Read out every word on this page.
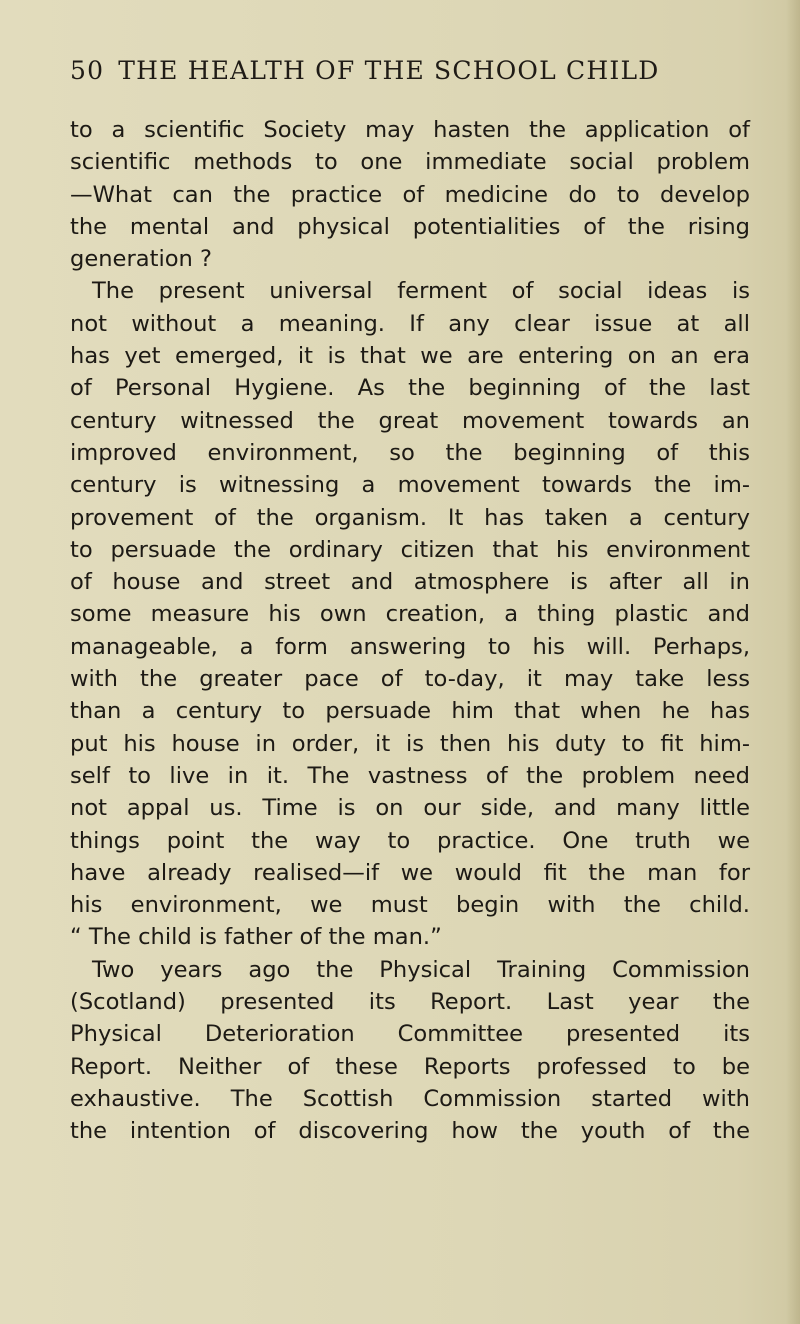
50 THE HEALTH OF THE SCHOOL CHILD
to a scientific Society may hasten the application of
scientific methods to one immediate social problem
—What can the practice of medicine do to develop
the mental and physical potentialities of the rising
generation ?
The present universal ferment of social ideas is
not without a meaning. If any clear issue at all
has yet emerged, it is that we are entering on an era
of Personal Hygiene. As the beginning of the last
century witnessed the great movement towards an
improved environment, so the beginning of this
century is witnessing a movement towards the im-
provement of the organism. It has taken a century
to persuade the ordinary citizen that his environment
of house and street and atmosphere is after all in
some measure his own creation, a thing plastic and
manageable, a form answering to his will. Perhaps,
with the greater pace of to-day, it may take less
than a century to persuade him that when he has
put his house in order, it is then his duty to fit him-
self to live in it. The vastness of the problem need
not appal us. Time is on our side, and many little
things point the way to practice. One truth we
have already realised—if we would fit the man for
his environment, we must begin with the child.
“ The child is father of the man.”
Two years ago the Physical Training Commission
(Scotland) presented its Report. Last year the
Physical Deterioration Committee presented its
Report. Neither of these Reports professed to be
exhaustive. The Scottish Commission started with
the intention of discovering how the youth of the
